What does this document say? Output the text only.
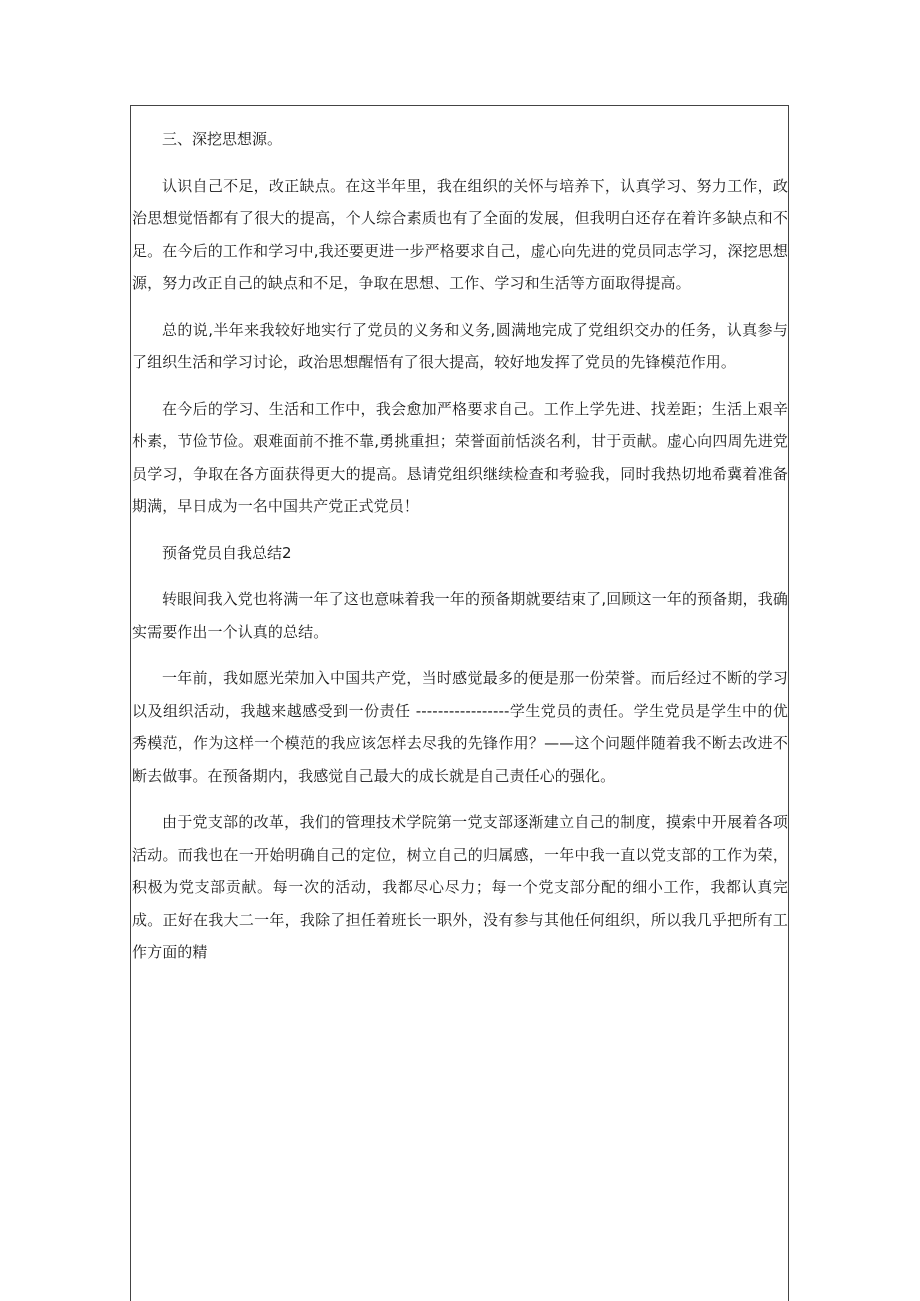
三、深挖思想源。

认识自己不足，改正缺点。在这半年里，我在组织的关怀与培养下，认真学习、努力工作，政治思想觉悟都有了很大的提高，个人综合素质也有了全面的发展，但我明白还存在着许多缺点和不足。在今后的工作和学习中,我还要更进一步严格要求自己，虚心向先进的党员同志学习，深挖思想源，努力改正自己的缺点和不足，争取在思想、工作、学习和生活等方面取得提高。

总的说,半年来我较好地实行了党员的义务和义务,圆满地完成了党组织交办的任务，认真参与了组织生活和学习讨论，政治思想醒悟有了很大提高，较好地发挥了党员的先锋模范作用。

在今后的学习、生活和工作中，我会愈加严格要求自己。工作上学先进、找差距；生活上艰辛朴素，节俭节俭。艰难面前不推不靠,勇挑重担；荣誉面前恬淡名利，甘于贡献。虚心向四周先进党员学习，争取在各方面获得更大的提高。恳请党组织继续检查和考验我，同时我热切地希冀着准备期满，早日成为一名中国共产党正式党员！

预备党员自我总结2

转眼间我入党也将满一年了这也意味着我一年的预备期就要结束了,回顾这一年的预备期，我确实需要作出一个认真的总结。

一年前，我如愿光荣加入中国共产党，当时感觉最多的便是那一份荣誉。而后经过不断的学习以及组织活动，我越来越感受到一份责任 -----------------学生党员的责任。学生党员是学生中的优秀模范，作为这样一个模范的我应该怎样去尽我的先锋作用？——这个问题伴随着我不断去改进不断去做事。在预备期内，我感觉自己最大的成长就是自己责任心的强化。

由于党支部的改革，我们的管理技术学院第一党支部逐渐建立自己的制度，摸索中开展着各项活动。而我也在一开始明确自己的定位，树立自己的归属感，一年中我一直以党支部的工作为荣，积极为党支部贡献。每一次的活动，我都尽心尽力；每一个党支部分配的细小工作，我都认真完成。正好在我大二一年，我除了担任着班长一职外，没有参与其他任何组织，所以我几乎把所有工作方面的精
